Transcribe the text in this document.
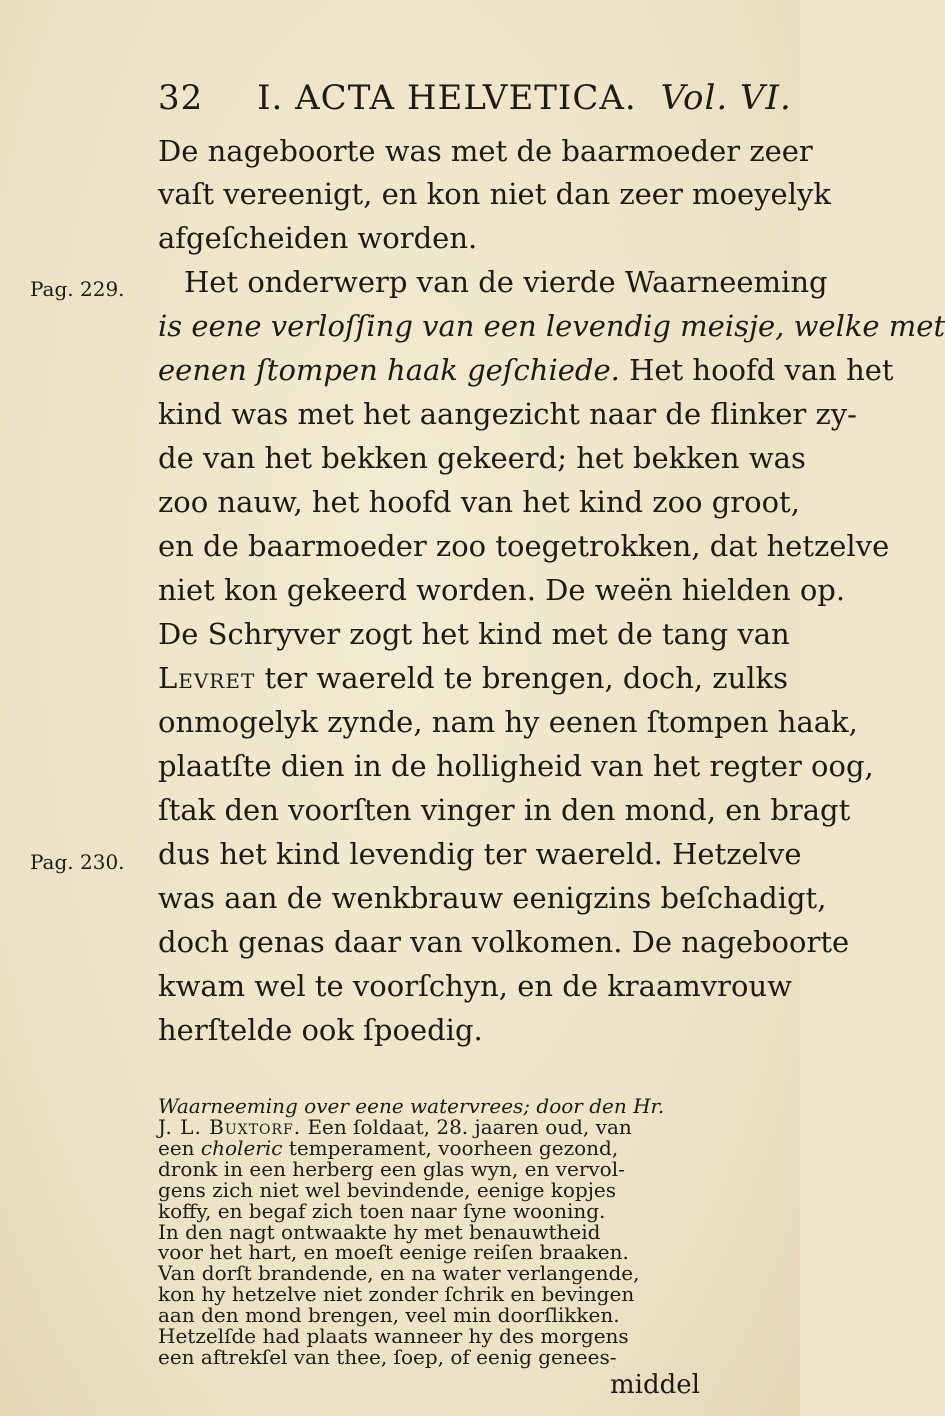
32 I. ACTA HELVETICA. Vol. VI.
Pag. 229.
Pag. 230.
De nageboorte was met de baarmoeder zeer
vaſt vereenigt, en kon niet dan zeer moeyelyk
afgeſcheiden worden.
Het onderwerp van de vierde Waarneeming
is eene verloſſing van een levendig meisje, welke met
eenen ſtompen haak geſchiede. Het hoofd van het
kind was met het aangezicht naar de flinker zy-
de van het bekken gekeerd; het bekken was
zoo nauw, het hoofd van het kind zoo groot,
en de baarmoeder zoo toegetrokken, dat hetzelve
niet kon gekeerd worden. De weën hielden op.
De Schryver zogt het kind met de tang van
Levret ter waereld te brengen, doch, zulks
onmogelyk zynde, nam hy eenen ſtompen haak,
plaatſte dien in de holligheid van het regter oog,
ſtak den voorſten vinger in den mond, en bragt
dus het kind levendig ter waereld. Hetzelve
was aan de wenkbrauw eenigzins beſchadigt,
doch genas daar van volkomen. De nageboorte
kwam wel te voorſchyn, en de kraamvrouw
herſtelde ook ſpoedig.
Waarneeming over eene watervrees; door den Hr.
J. L. Buxtorf. Een ſoldaat, 28. jaaren oud, van
een choleric temperament, voorheen gezond,
dronk in een herberg een glas wyn, en vervol-
gens zich niet wel bevindende, eenige kopjes
koffy, en begaf zich toen naar ſyne wooning.
In den nagt ontwaakte hy met benauwtheid
voor het hart, en moeſt eenige reiſen braaken.
Van dorſt brandende, en na water verlangende,
kon hy hetzelve niet zonder ſchrik en bevingen
aan den mond brengen, veel min doorſlikken.
Hetzelſde had plaats wanneer hy des morgens
een aftrekſel van thee, ſoep, of eenig genees-
middel
